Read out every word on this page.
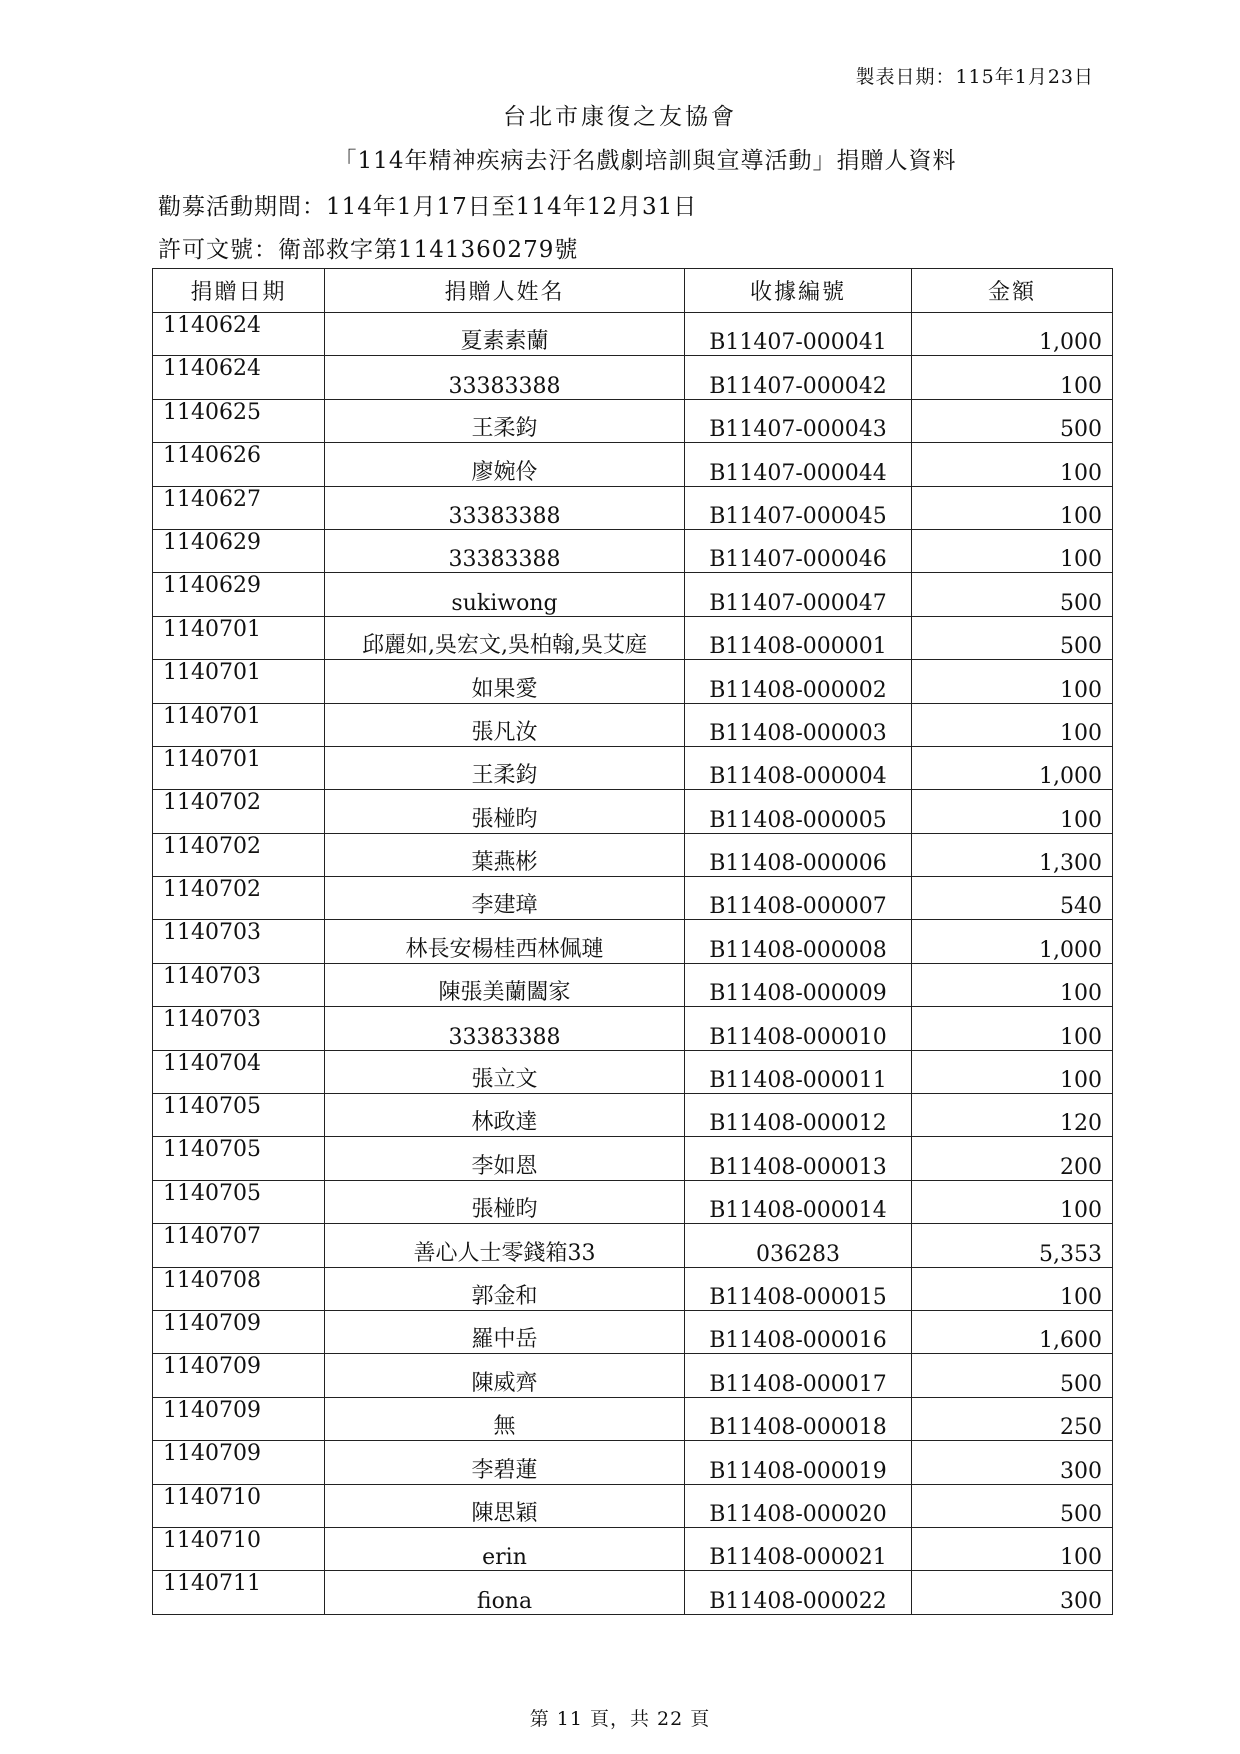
製表日期：115年1月23日
台北市康復之友協會
「114年精神疾病去汙名戲劇培訓與宣導活動」捐贈人資料
勸募活動期間：114年1月17日至114年12月31日
許可文號：衛部救字第1141360279號
捐贈日期	捐贈人姓名	收據編號	金額
1140624	夏素素蘭	B11407-000041	1,000
1140624	33383388	B11407-000042	100
1140625	王柔鈞	B11407-000043	500
1140626	廖婉伶	B11407-000044	100
1140627	33383388	B11407-000045	100
1140629	33383388	B11407-000046	100
1140629	sukiwong	B11407-000047	500
1140701	邱麗如,吳宏文,吳柏翰,吳艾庭	B11408-000001	500
1140701	如果愛	B11408-000002	100
1140701	張凡汝	B11408-000003	100
1140701	王柔鈞	B11408-000004	1,000
1140702	張椪昀	B11408-000005	100
1140702	葉燕彬	B11408-000006	1,300
1140702	李建璋	B11408-000007	540
1140703	林長安楊桂西林佩璉	B11408-000008	1,000
1140703	陳張美蘭闔家	B11408-000009	100
1140703	33383388	B11408-000010	100
1140704	張立文	B11408-000011	100
1140705	林政達	B11408-000012	120
1140705	李如恩	B11408-000013	200
1140705	張椪昀	B11408-000014	100
1140707	善心人士零錢箱33	036283	5,353
1140708	郭金和	B11408-000015	100
1140709	羅中岳	B11408-000016	1,600
1140709	陳威齊	B11408-000017	500
1140709	無	B11408-000018	250
1140709	李碧蓮	B11408-000019	300
1140710	陳思穎	B11408-000020	500
1140710	erin	B11408-000021	100
1140711	fiona	B11408-000022	300
第 11 頁，共 22 頁
